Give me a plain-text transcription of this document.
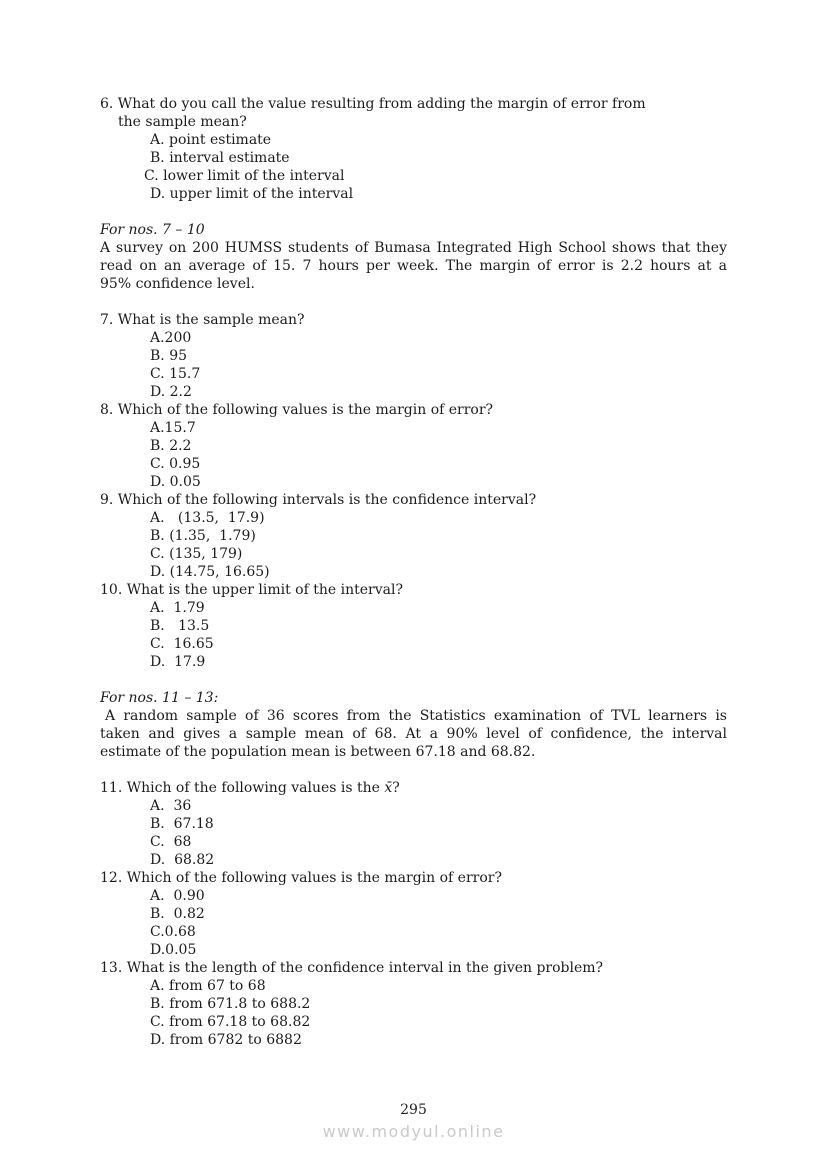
6. What do you call the value resulting from adding the margin of error from
the sample mean?
A. point estimate
B. interval estimate
C. lower limit of the interval
D. upper limit of the interval
For nos. 7 – 10
A survey on 200 HUMSS students of Bumasa Integrated High School shows that they
read on an average of 15. 7 hours per week. The margin of error is 2.2 hours at a
95% confidence level.
7. What is the sample mean?
A.200
B. 95
C. 15.7
D. 2.2
8. Which of the following values is the margin of error?
A.15.7
B. 2.2
C. 0.95
D. 0.05
9. Which of the following intervals is the confidence interval?
A.   (13.5,  17.9)
B. (1.35,  1.79)
C. (135, 179)
D. (14.75, 16.65)
10. What is the upper limit of the interval?
A.  1.79
B.   13.5
C.  16.65
D.  17.9
For nos. 11 – 13:
A random sample of 36 scores from the Statistics examination of TVL learners is
taken and gives a sample mean of 68. At a 90% level of confidence, the interval
estimate of the population mean is between 67.18 and 68.82.
11. Which of the following values is the x̄?
A.  36
B.  67.18
C.  68
D.  68.82
12. Which of the following values is the margin of error?
A.  0.90
B.  0.82
C.0.68
D.0.05
13. What is the length of the confidence interval in the given problem?
A. from 67 to 68
B. from 671.8 to 688.2
C. from 67.18 to 68.82
D. from 6782 to 6882
295
www.modyul.online
